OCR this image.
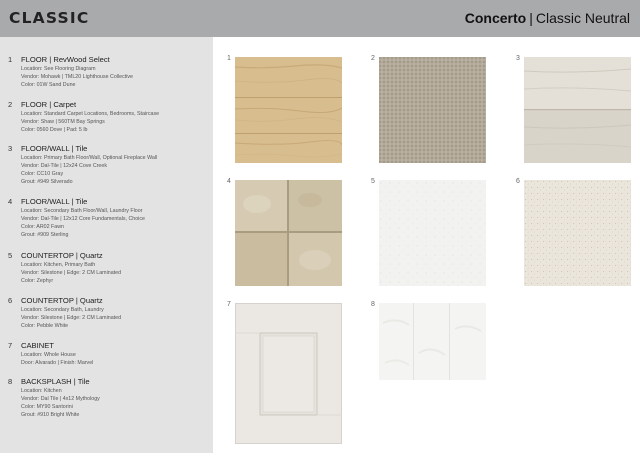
CLASSIC	Concerto | Classic Neutral
1 FLOOR | RevWood Select
Location: See Flooring Diagram
Vendor: Mohawk | TML20 Lighthouse Collective
Color: 01W Sand Dune
2 FLOOR | Carpet
Location: Standard Carpet Locations, Bedrooms, Staircase
Vendor: Shaw | 560TM Bay Springs
Color: 0560 Dove | Pad: 5 lb
3 FLOOR/WALL | Tile
Location: Primary Bath Floor/Wall, Optional Fireplace Wall
Vendor: Dal-Tile | 12x24 Cove Creek
Color: CC10 Gray
Grout: #949 Silverado
4 FLOOR/WALL | Tile
Location: Secondary Bath Floor/Wall, Laundry Floor
Vendor: Dal-Tile | 12x12 Core Fundamentals, Choice
Color: AR02 Fawn
Grout: #909 Sterling
5 COUNTERTOP | Quartz
Location: Kitchen, Primary Bath
Vendor: Silestone | Edge: 2 CM Laminated
Color: Zephyr
6 COUNTERTOP | Quartz
Location: Secondary Bath, Laundry
Vendor: Silestone | Edge: 2 CM Laminated
Color: Pebble White
7 CABINET
Location: Whole House
Door: Alvarado | Finish: Marvel
8 BACKSPLASH | Tile
Location: Kitchen
Vendor: Dal Tile | 4x12 Mythology
Color: MY90 Santorini
Grout: #910 Bright White
1	2	3
4	5	6
7	8
